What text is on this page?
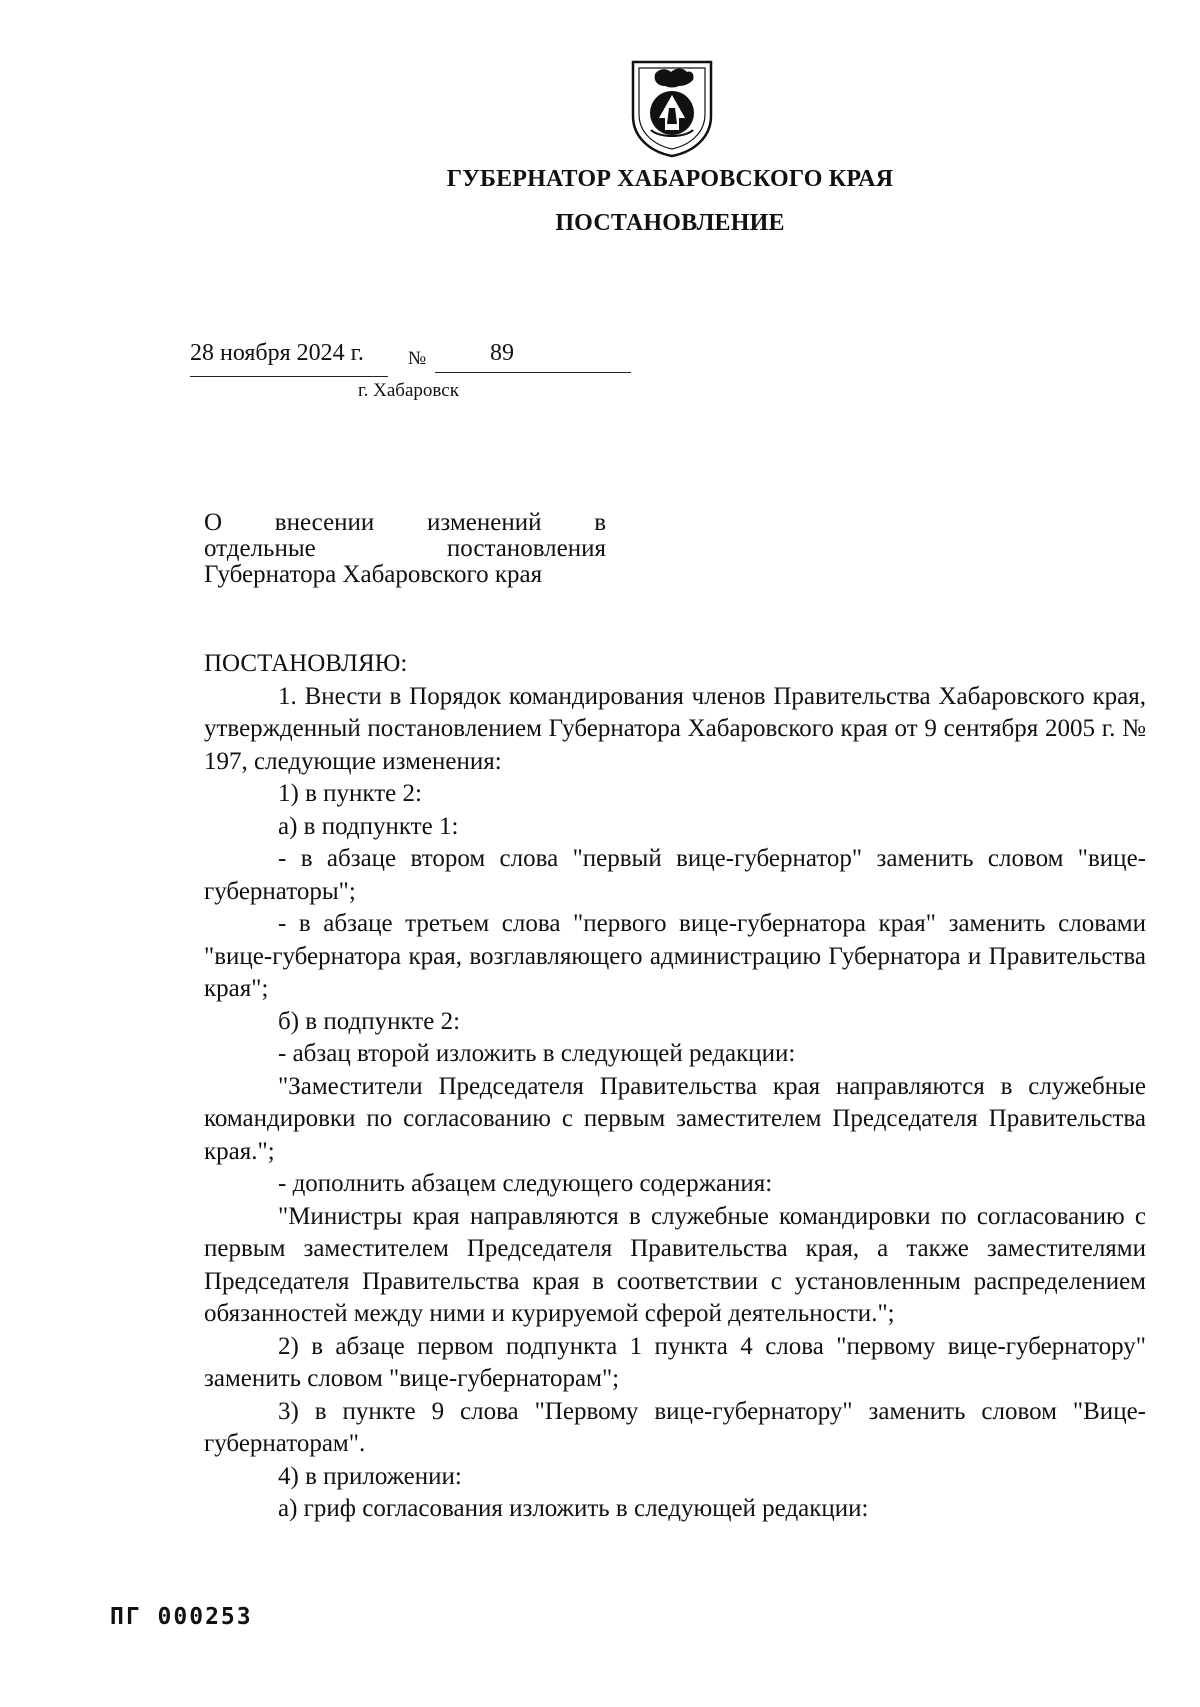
ГУБЕРНАТОР ХАБАРОВСКОГО КРАЯ
ПОСТАНОВЛЕНИЕ
28 ноября 2024 г. №	89
г. Хабаровск
О внесении изменений в
отдельные постановления
Губернатора Хабаровского края
ПОСТАНОВЛЯЮ:
1. Внести в Порядок командирования членов Правительства Хабаровского края, утвержденный постановлением Губернатора Хабаровского края от 9 сентября 2005 г. № 197, следующие изменения:
1) в пункте 2:
а) в подпункте 1:
- в абзаце втором слова "первый вице-губернатор" заменить словом "вице-губернаторы";
- в абзаце третьем слова "первого вице-губернатора края" заменить словами "вице-губернатора края, возглавляющего администрацию Губернатора и Правительства края";
б) в подпункте 2:
- абзац второй изложить в следующей редакции:
"Заместители Председателя Правительства края направляются в служебные командировки по согласованию с первым заместителем Председателя Правительства края.";
- дополнить абзацем следующего содержания:
"Министры края направляются в служебные командировки по согласованию с первым заместителем Председателя Правительства края, а также заместителями Председателя Правительства края в соответствии с установленным распределением обязанностей между ними и курируемой сферой деятельности.";
2) в абзаце первом подпункта 1 пункта 4 слова "первому вице-губернатору" заменить словом "вице-губернаторам";
3) в пункте 9 слова "Первому вице-губернатору" заменить словом "Вице-губернаторам".
4) в приложении:
а) гриф согласования изложить в следующей редакции:
ПГ 000253
